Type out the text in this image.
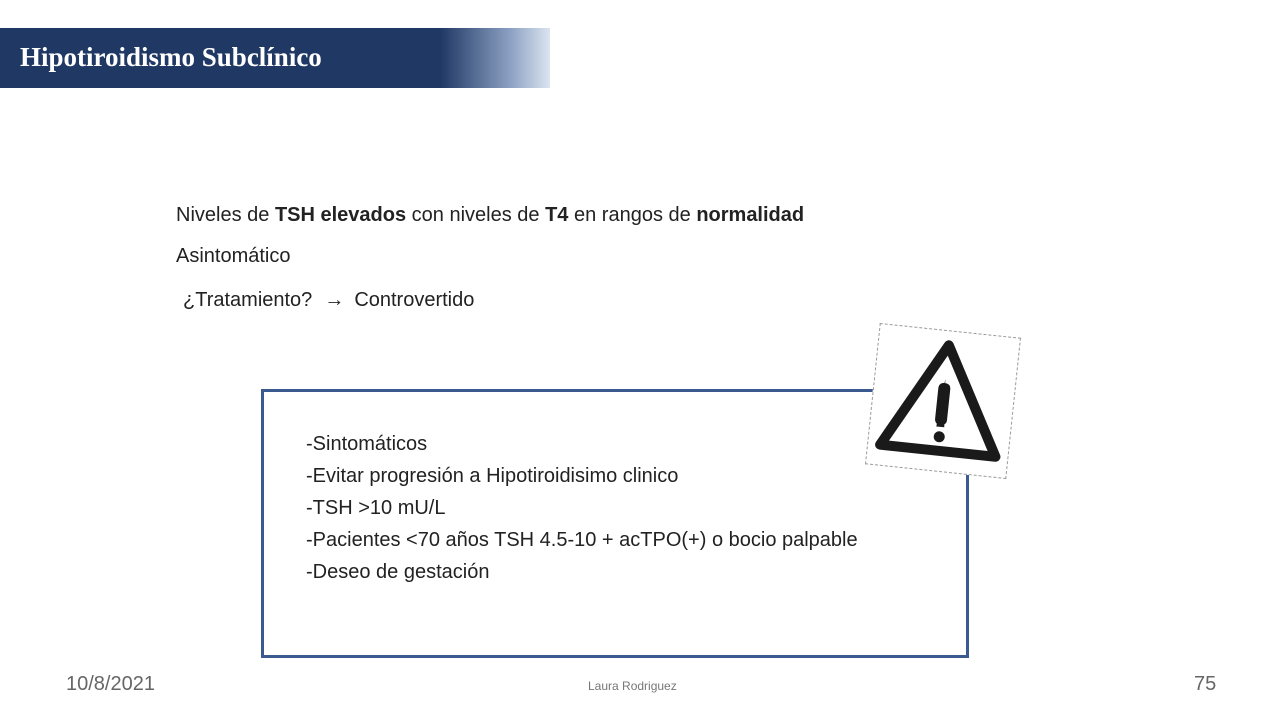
Hipotiroidismo Subclínico
Niveles de TSH elevados con niveles de T4 en rangos de normalidad
Asintomático
¿Tratamiento? → Controvertido
-Sintomáticos
-Evitar progresión a Hipotiroidisimo clinico
-TSH >10 mU/L
-Pacientes <70 años TSH 4.5-10 + acTPO(+) o bocio palpable
-Deseo de gestación
10/8/2021	Laura Rodriguez	75
